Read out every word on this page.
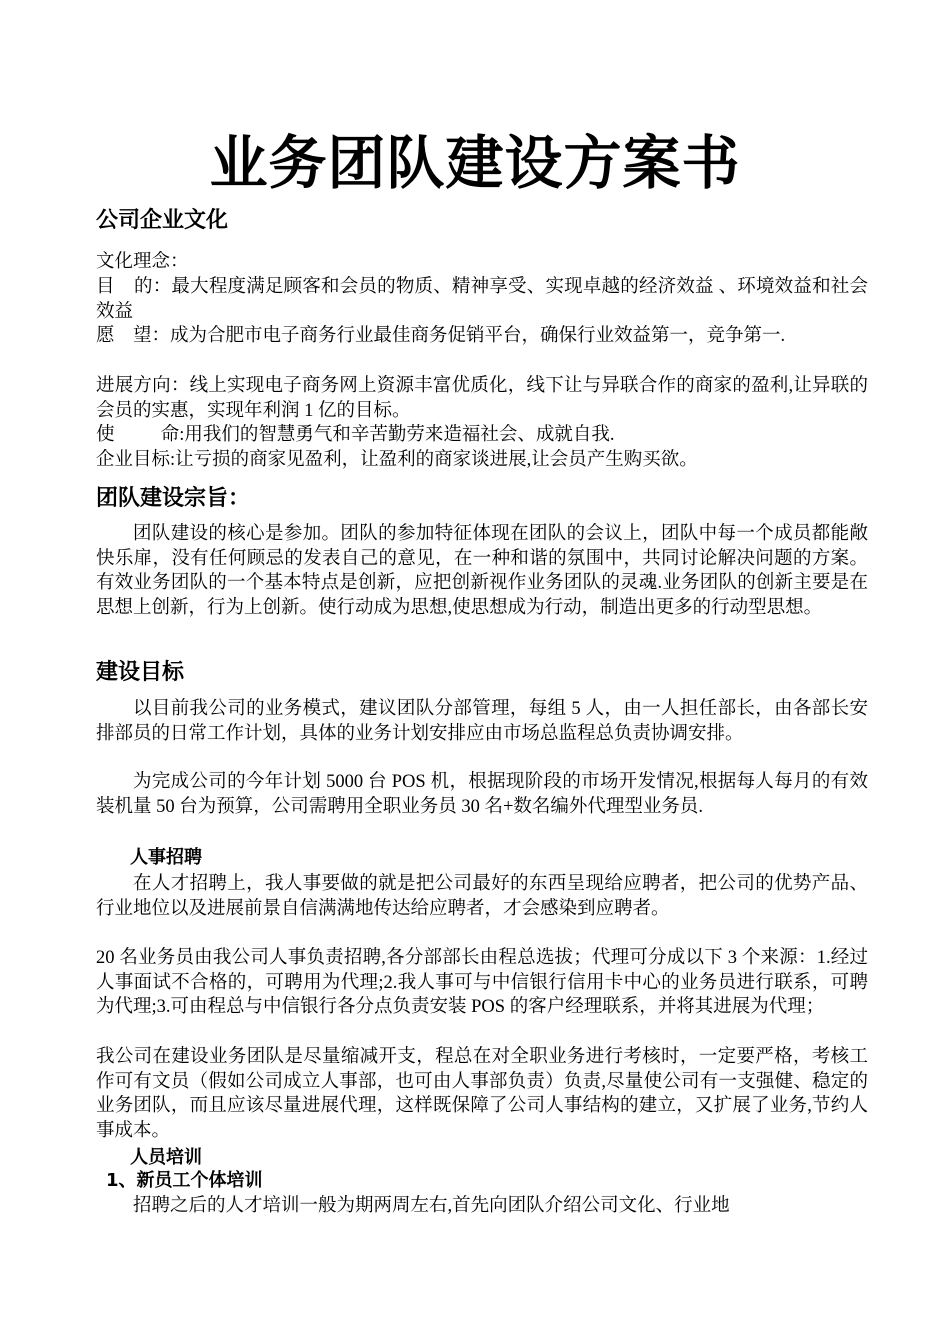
业务团队建设方案书
公司企业文化
文化理念：
目    的：最大程度满足顾客和会员的物质、精神享受、实现卓越的经济效益 、环境效益和社会效益
愿    望：成为合肥市电子商务行业最佳商务促销平台，确保行业效益第一，竞争第一.
进展方向：线上实现电子商务网上资源丰富优质化，线下让与异联合作的商家的盈利,让异联的会员的实惠，实现年利润 1 亿的目标。
使          命:用我们的智慧勇气和辛苦勤劳来造福社会、成就自我.
企业目标:让亏损的商家见盈利，让盈利的商家谈进展,让会员产生购买欲。
团队建设宗旨：
团队建设的核心是参加。团队的参加特征体现在团队的会议上，团队中每一个成员都能敞快乐扉，没有任何顾忌的发表自己的意见，在一种和谐的氛围中，共同讨论解决问题的方案。有效业务团队的一个基本特点是创新，应把创新视作业务团队的灵魂.业务团队的创新主要是在思想上创新，行为上创新。使行动成为思想,使思想成为行动，制造出更多的行动型思想。
建设目标
以目前我公司的业务模式，建议团队分部管理，每组 5 人，由一人担任部长，由各部长安排部员的日常工作计划，具体的业务计划安排应由市场总监程总负责协调安排。
为完成公司的今年计划 5000 台 POS 机，根据现阶段的市场开发情况,根据每人每月的有效装机量 50 台为预算，公司需聘用全职业务员 30 名+数名编外代理型业务员.
人事招聘
在人才招聘上，我人事要做的就是把公司最好的东西呈现给应聘者，把公司的优势产品、行业地位以及进展前景自信满满地传达给应聘者，才会感染到应聘者。
20 名业务员由我公司人事负责招聘,各分部部长由程总选拔；代理可分成以下 3 个来源：1.经过人事面试不合格的，可聘用为代理;2.我人事可与中信银行信用卡中心的业务员进行联系，可聘为代理;3.可由程总与中信银行各分点负责安装 POS 的客户经理联系，并将其进展为代理；
我公司在建设业务团队是尽量缩减开支，程总在对全职业务进行考核时，一定要严格，考核工作可有文员（假如公司成立人事部，也可由人事部负责）负责,尽量使公司有一支强健、稳定的业务团队，而且应该尽量进展代理，这样既保障了公司人事结构的建立，又扩展了业务,节约人事成本。
人员培训
1、新员工个体培训
招聘之后的人才培训一般为期两周左右,首先向团队介绍公司文化、行业地
